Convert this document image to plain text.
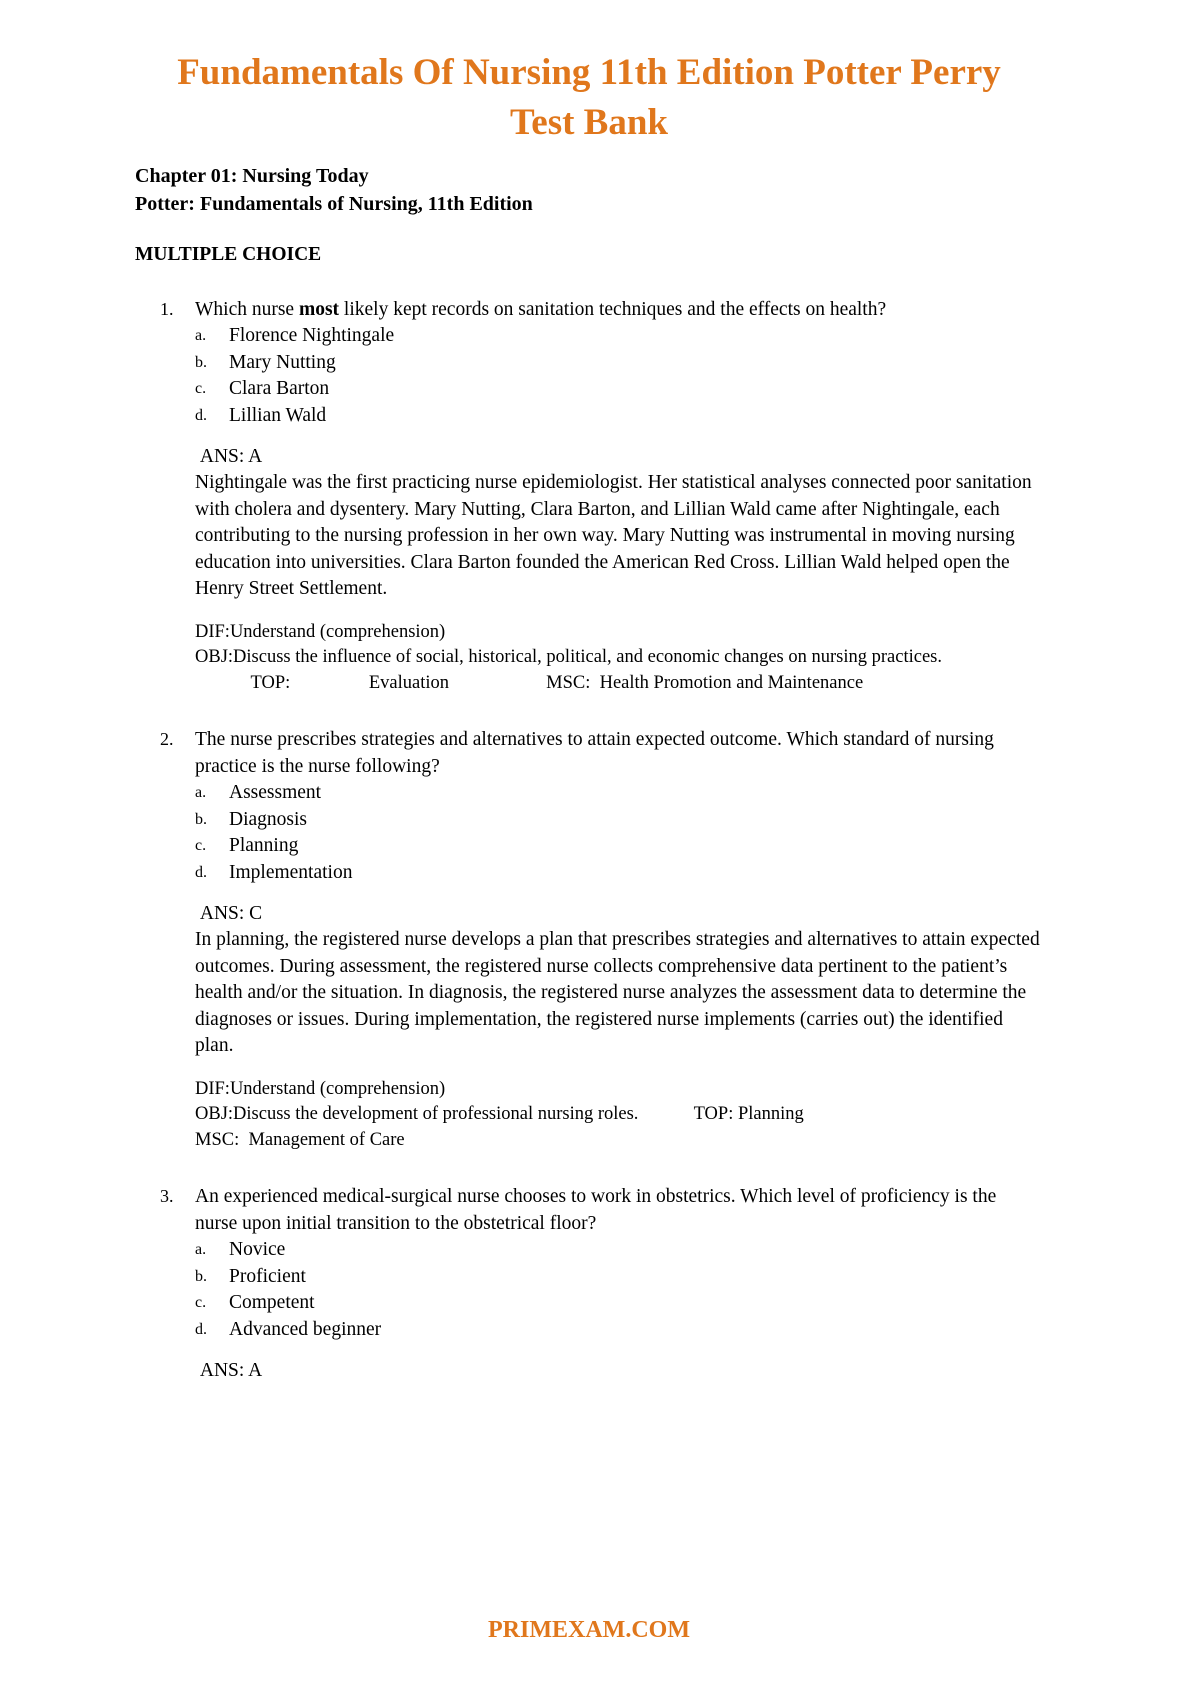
Fundamentals Of Nursing 11th Edition Potter Perry
Test Bank
Chapter 01: Nursing Today
Potter: Fundamentals of Nursing, 11th Edition
MULTIPLE CHOICE
1.	Which nurse most likely kept records on sanitation techniques and the effects on health?

a.	Florence Nightingale
b.	Mary Nutting
c.	Clara Barton
d.	Lillian Wald

ANS: A

Nightingale was the first practicing nurse epidemiologist. Her statistical analyses connected poor sanitation with cholera and dysentery. Mary Nutting, Clara Barton, and Lillian Wald came after Nightingale, each contributing to the nursing profession in her own way. Mary Nutting was instrumental in moving nursing education into universities. Clara Barton founded the American Red Cross. Lillian Wald helped open the Henry Street Settlement.

DIF:Understand (comprehension)

OBJ:Discuss the influence of social, historical, political, and economic changes on nursing practices.

TOP:                 Evaluation                     MSC:  Health Promotion and Maintenance

2.	The nurse prescribes strategies and alternatives to attain expected outcome. Which standard of nursing practice is the nurse following?

a.	Assessment
b.	Diagnosis
c.	Planning
d.	Implementation

ANS: C

In planning, the registered nurse develops a plan that prescribes strategies and alternatives to attain expected outcomes. During assessment, the registered nurse collects comprehensive data pertinent to the patient’s health and/or the situation. In diagnosis, the registered nurse analyzes the assessment data to determine the diagnoses or issues. During implementation, the registered nurse implements (carries out) the identified plan.

DIF:Understand (comprehension)

OBJ:Discuss the development of professional nursing roles.            TOP: Planning

MSC:  Management of Care

3.	An experienced medical-surgical nurse chooses to work in obstetrics. Which level of proficiency is the nurse upon initial transition to the obstetrical floor?

a.	Novice
b.	Proficient
c.	Competent
d.	Advanced beginner

ANS: A

PRIMEXAM.COM
